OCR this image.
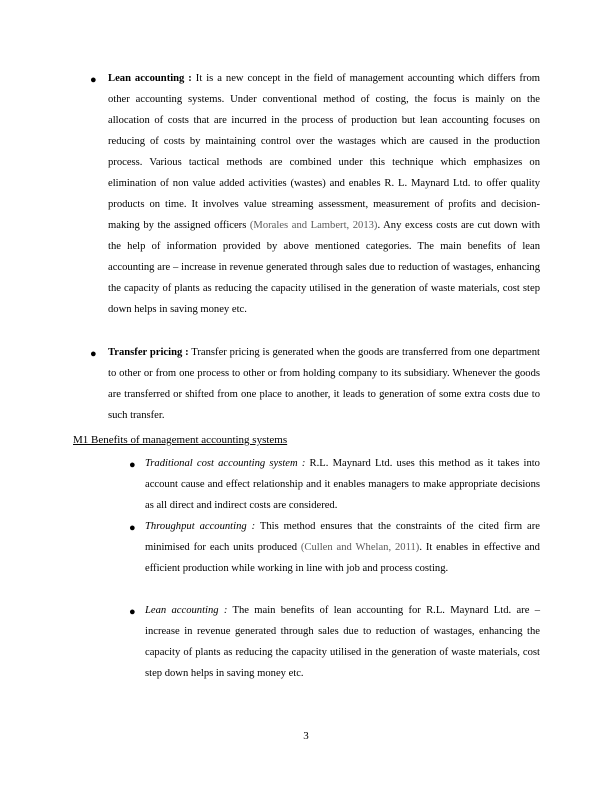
● Lean accounting : It is a new concept in the field of management accounting which differs from other accounting systems. Under conventional method of costing, the focus is mainly on the allocation of costs that are incurred in the process of production but lean accounting focuses on reducing of costs by maintaining control over the wastages which are caused in the production process. Various tactical methods are combined under this technique which emphasizes on elimination of non value added activities (wastes) and enables R. L. Maynard Ltd. to offer quality products on time. It involves value streaming assessment, measurement of profits and decision-making by the assigned officers (Morales and Lambert, 2013). Any excess costs are cut down with the help of information provided by above mentioned categories. The main benefits of lean accounting are – increase in revenue generated through sales due to reduction of wastages, enhancing the capacity of plants as reducing the capacity utilised in the generation of waste materials, cost step down helps in saving money etc.
● Transfer pricing : Transfer pricing is generated when the goods are transferred from one department to other or from one process to other or from holding company to its subsidiary. Whenever the goods are transferred or shifted from one place to another, it leads to generation of some extra costs due to such transfer.
M1 Benefits of management accounting systems
● Traditional cost accounting system : R.L. Maynard Ltd. uses this method as it takes into account cause and effect relationship and it enables managers to make appropriate decisions as all direct and indirect costs are considered.
● Throughput accounting : This method ensures that the constraints of the cited firm are minimised for each units produced (Cullen and Whelan, 2011). It enables in effective and efficient production while working in line with job and process costing.
● Lean accounting : The main benefits of lean accounting for R.L. Maynard Ltd. are – increase in revenue generated through sales due to reduction of wastages, enhancing the capacity of plants as reducing the capacity utilised in the generation of waste materials, cost step down helps in saving money etc.
3
